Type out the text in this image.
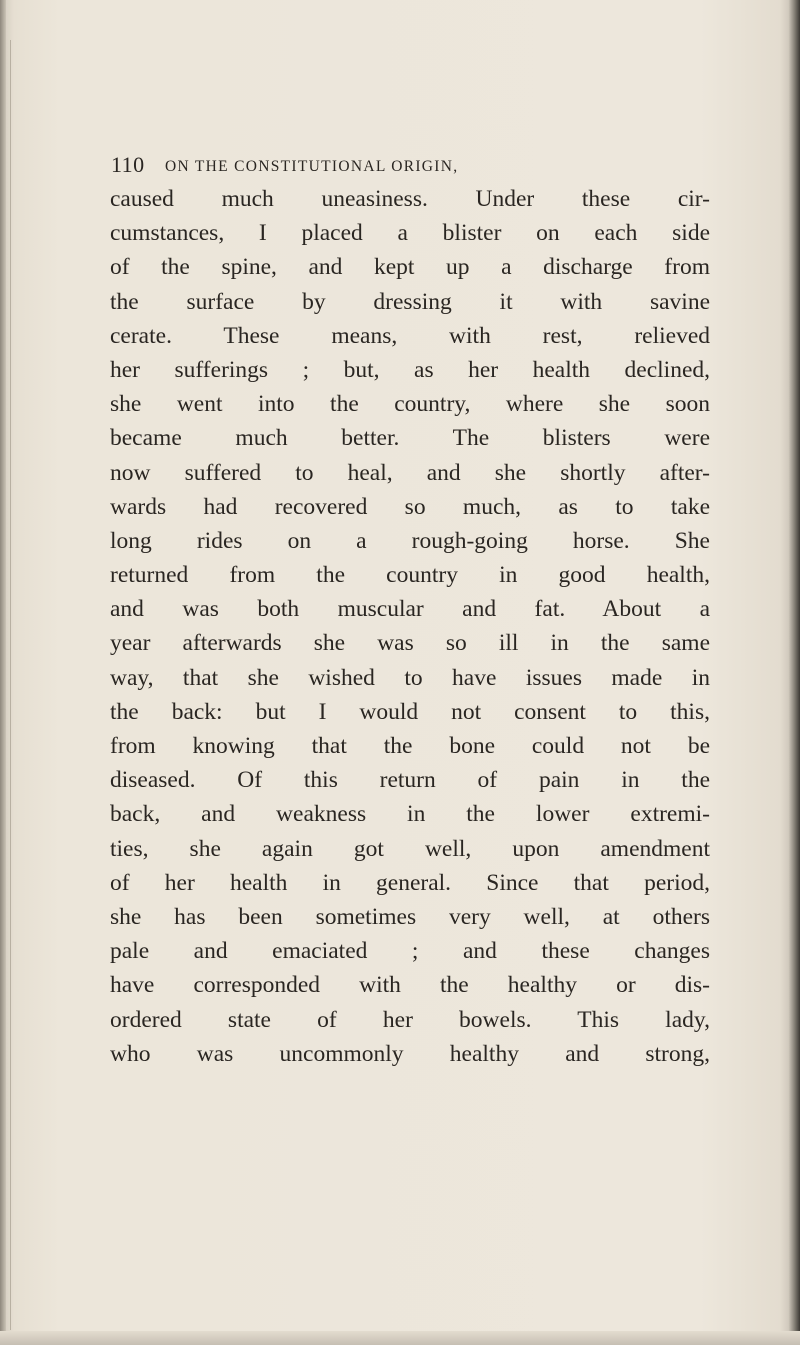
110 ON THE CONSTITUTIONAL ORIGIN,
caused much uneasiness. Under these cir-
cumstances, I placed a blister on each side
of the spine, and kept up a discharge from
the surface by dressing it with savine
cerate. These means, with rest, relieved
her sufferings ; but, as her health declined,
she went into the country, where she soon
became much better. The blisters were
now suffered to heal, and she shortly after-
wards had recovered so much, as to take
long rides on a rough-going horse. She
returned from the country in good health,
and was both muscular and fat. About a
year afterwards she was so ill in the same
way, that she wished to have issues made in
the back: but I would not consent to this,
from knowing that the bone could not be
diseased. Of this return of pain in the
back, and weakness in the lower extremi-
ties, she again got well, upon amendment
of her health in general. Since that period,
she has been sometimes very well, at others
pale and emaciated ; and these changes
have corresponded with the healthy or dis-
ordered state of her bowels. This lady,
who was uncommonly healthy and strong,
